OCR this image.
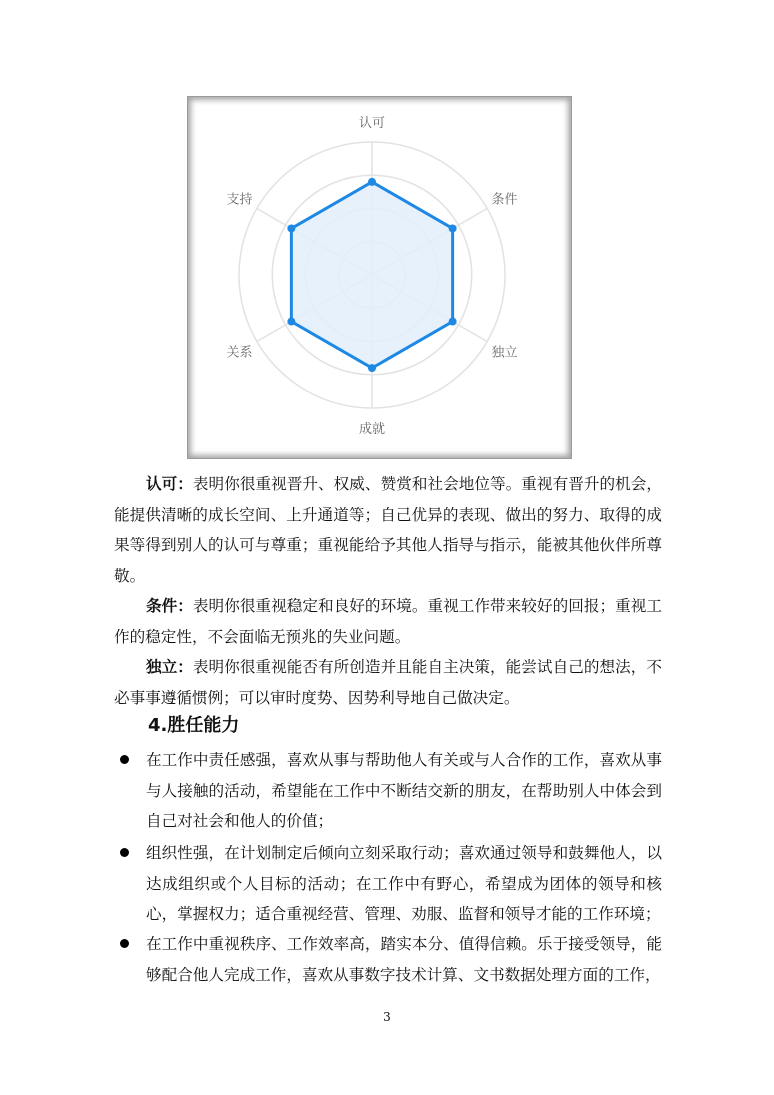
认可
条件
独立
成就
关系
支持

认可：表明你很重视晋升、权威、赞赏和社会地位等。重视有晋升的机会，能提供清晰的成长空间、上升通道等；自己优异的表现、做出的努力、取得的成果等得到别人的认可与尊重；重视能给予其他人指导与指示，能被其他伙伴所尊敬。

条件：表明你很重视稳定和良好的环境。重视工作带来较好的回报；重视工作的稳定性，不会面临无预兆的失业问题。

独立：表明你很重视能否有所创造并且能自主决策，能尝试自己的想法，不必事事遵循惯例；可以审时度势、因势利导地自己做决定。

4.胜任能力
在工作中责任感强，喜欢从事与帮助他人有关或与人合作的工作，喜欢从事与人接触的活动，希望能在工作中不断结交新的朋友，在帮助别人中体会到自己对社会和他人的价值；
组织性强，在计划制定后倾向立刻采取行动；喜欢通过领导和鼓舞他人，以达成组织或个人目标的活动；在工作中有野心，希望成为团体的领导和核心，掌握权力；适合重视经营、管理、劝服、监督和领导才能的工作环境；
在工作中重视秩序、工作效率高，踏实本分、值得信赖。乐于接受领导，能够配合他人完成工作，喜欢从事数字技术计算、文书数据处理方面的工作，
3
